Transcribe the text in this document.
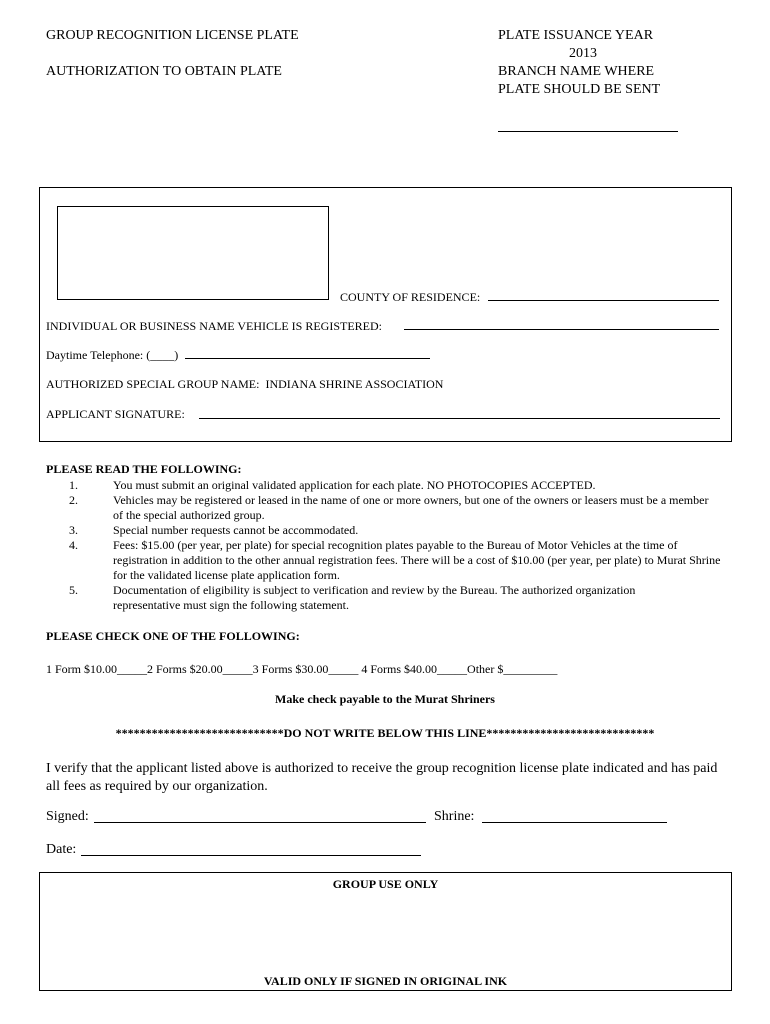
GROUP RECOGNITION LICENSE PLATE
AUTHORIZATION TO OBTAIN PLATE
PLATE ISSUANCE YEAR
2013
BRANCH NAME WHERE
PLATE SHOULD BE SENT
COUNTY OF RESIDENCE:
INDIVIDUAL OR BUSINESS NAME VEHICLE IS REGISTERED:
Daytime Telephone: (____)
AUTHORIZED SPECIAL GROUP NAME: INDIANA SHRINE ASSOCIATION
APPLICANT SIGNATURE:
PLEASE READ THE FOLLOWING:
1.	You must submit an original validated application for each plate. NO PHOTOCOPIES ACCEPTED.
2.	Vehicles may be registered or leased in the name of one or more owners, but one of the owners or leasers must be a member of the special authorized group.
3.	Special number requests cannot be accommodated.
4.	Fees: $15.00 (per year, per plate) for special recognition plates payable to the Bureau of Motor Vehicles at the time of registration in addition to the other annual registration fees. There will be a cost of $10.00 (per year, per plate) to Murat Shrine for the validated license plate application form.
5.	Documentation of eligibility is subject to verification and review by the Bureau. The authorized organization representative must sign the following statement.
PLEASE CHECK ONE OF THE FOLLOWING:
1 Form $10.00_____2 Forms $20.00_____3 Forms $30.00_____ 4 Forms $40.00_____Other $_________
Make check payable to the Murat Shriners
****************************DO NOT WRITE BELOW THIS LINE****************************
I verify that the applicant listed above is authorized to receive the group recognition license plate indicated and has paid all fees as required by our organization.
Signed:	Shrine:
Date:
GROUP USE ONLY
VALID ONLY IF SIGNED IN ORIGINAL INK
